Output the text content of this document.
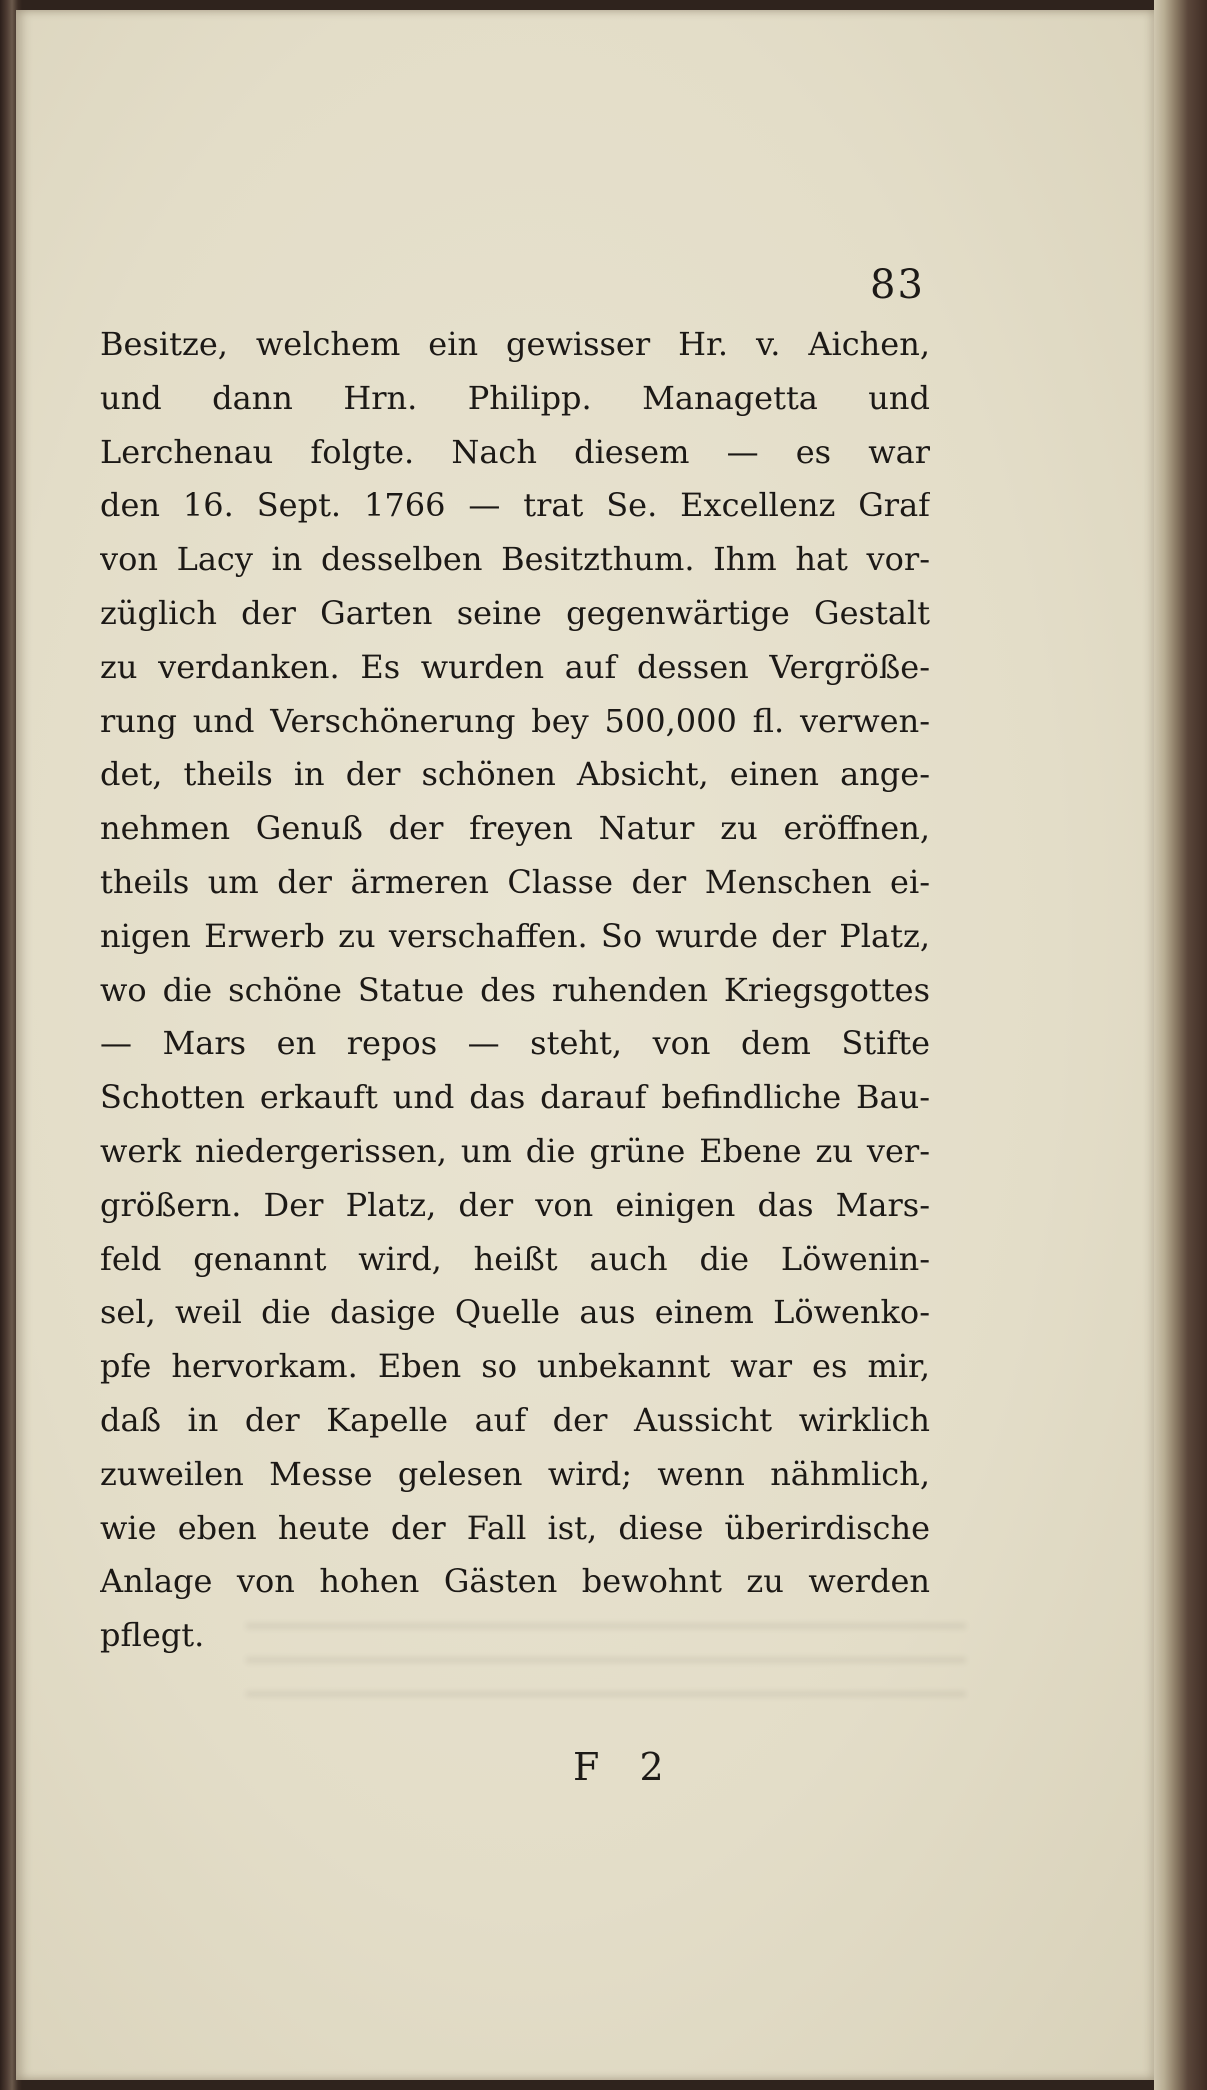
83
Besitze, welchem ein gewisser Hr. v. Aichen,
und dann Hrn. Philipp. Managetta und
Lerchenau folgte. Nach diesem — es war
den 16. Sept. 1766 — trat Se. Excellenz Graf
von Lacy in desselben Besitzthum. Ihm hat vor-
züglich der Garten seine gegenwärtige Gestalt
zu verdanken. Es wurden auf dessen Vergröße-
rung und Verschönerung bey 500,000 fl. verwen-
det, theils in der schönen Absicht, einen ange-
nehmen Genuß der freyen Natur zu eröffnen,
theils um der ärmeren Classe der Menschen ei-
nigen Erwerb zu verschaffen. So wurde der Platz,
wo die schöne Statue des ruhenden Kriegsgottes
— Mars en repos — steht, von dem Stifte
Schotten erkauft und das darauf befindliche Bau-
werk niedergerissen, um die grüne Ebene zu ver-
größern. Der Platz, der von einigen das Mars-
feld genannt wird, heißt auch die Löwenin-
sel, weil die dasige Quelle aus einem Löwenko-
pfe hervorkam. Eben so unbekannt war es mir,
daß in der Kapelle auf der Aussicht wirklich
zuweilen Messe gelesen wird; wenn nähmlich,
wie eben heute der Fall ist, diese überirdische
Anlage von hohen Gästen bewohnt zu werden
pflegt.
F 2
